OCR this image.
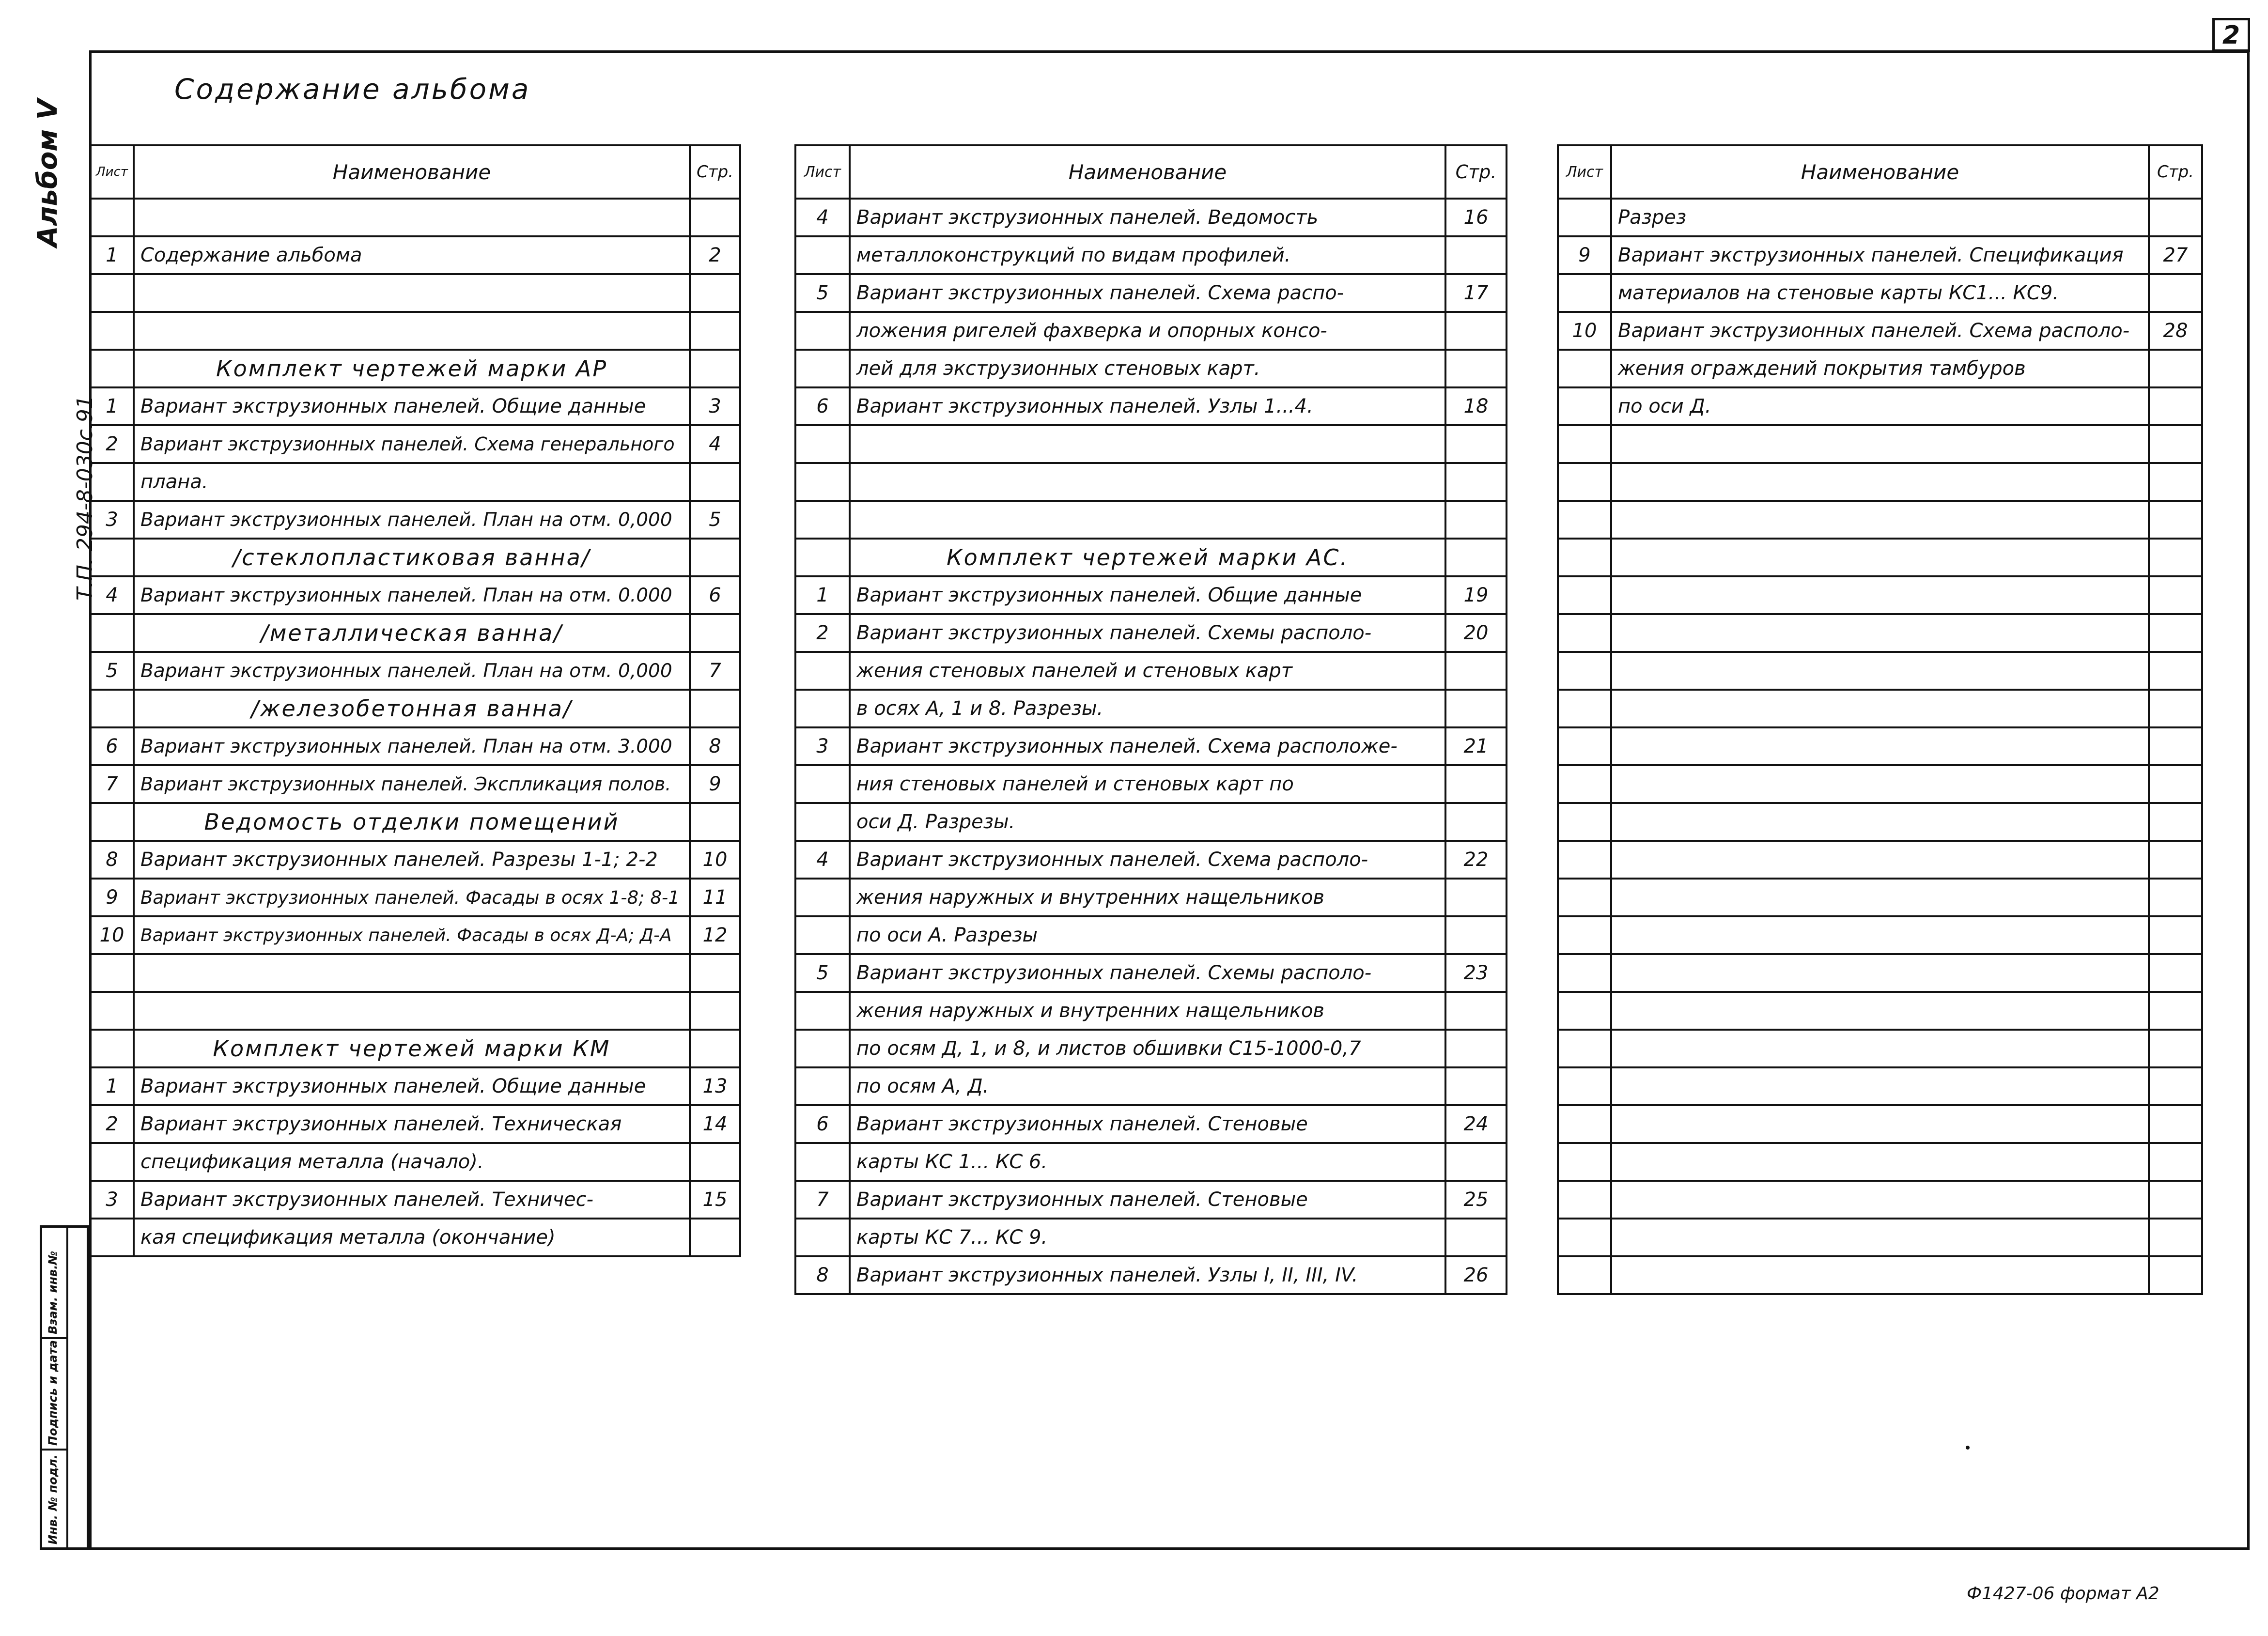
2
Содержание альбома
Альбом V
Т.П. 294-8-030с.91
Взам. инв.№
Подпись и дата
Инв. № подл.
Лист	Наименование	Стр.

1	Содержание альбома	2

	Комплект чертежей марки АР	
1	Вариант экструзионных панелей. Общие данные	3
2	Вариант экструзионных панелей. Схема генерального	4
	плана.	
3	Вариант экструзионных панелей. План на отм. 0,000	5
	/стеклопластиковая ванна/	
4	Вариант экструзионных панелей. План на отм. 0.000	6
	/металлическая ванна/	
5	Вариант экструзионных панелей. План на отм. 0,000	7
	/железобетонная ванна/	
6	Вариант экструзионных панелей. План на отм. 3.000	8
7	Вариант экструзионных панелей. Экспликация полов.	9
	Ведомость отделки помещений	
8	Вариант экструзионных панелей. Разрезы 1-1; 2-2	10
9	Вариант экструзионных панелей. Фасады в осях 1-8; 8-1	11
10	Вариант экструзионных панелей. Фасады в осях Д-А; Д-А	12

	Комплект чертежей марки КМ	
1	Вариант экструзионных панелей. Общие данные	13
2	Вариант экструзионных панелей. Техническая	14
	спецификация металла (начало).	
3	Вариант экструзионных панелей. Техничес-	15
	кая спецификация металла (окончание)	
Лист	Наименование	Стр.
4	Вариант экструзионных панелей. Ведомость	16
	металлоконструкций по видам профилей.	
5	Вариант экструзионных панелей. Схема распо-	17
	ложения ригелей фахверка и опорных консо-	
	лей для экструзионных стеновых карт.	
6	Вариант экструзионных панелей. Узлы 1...4.	18

	Комплект чертежей марки АС.	
1	Вариант экструзионных панелей. Общие данные	19
2	Вариант экструзионных панелей. Схемы располо-	20
	жения стеновых панелей и стеновых карт	
	в осях А, 1 и 8. Разрезы.	
3	Вариант экструзионных панелей. Схема расположе-	21
	ния стеновых панелей и стеновых карт по	
	оси Д. Разрезы.	
4	Вариант экструзионных панелей. Схема располо-	22
	жения наружных и внутренних нащельников	
	по оси А. Разрезы	
5	Вариант экструзионных панелей. Схемы располо-	23
	жения наружных и внутренних нащельников	
	по осям Д, 1, и 8, и листов обшивки С15-1000-0,7	
	по осям А, Д.	
6	Вариант экструзионных панелей. Стеновые	24
	карты КС 1... КС 6.	
7	Вариант экструзионных панелей. Стеновые	25
	карты КС 7... КС 9.	
8	Вариант экструзионных панелей. Узлы I, II, III, IV.	26
Лист	Наименование	Стр.
	Разрез	
9	Вариант экструзионных панелей. Спецификация	27
	материалов на стеновые карты КС1... КС9.	
10	Вариант экструзионных панелей. Схема располо-	28
	жения ограждений покрытия тамбуров	
	по оси Д.	

Ф1427-06 формат А2
